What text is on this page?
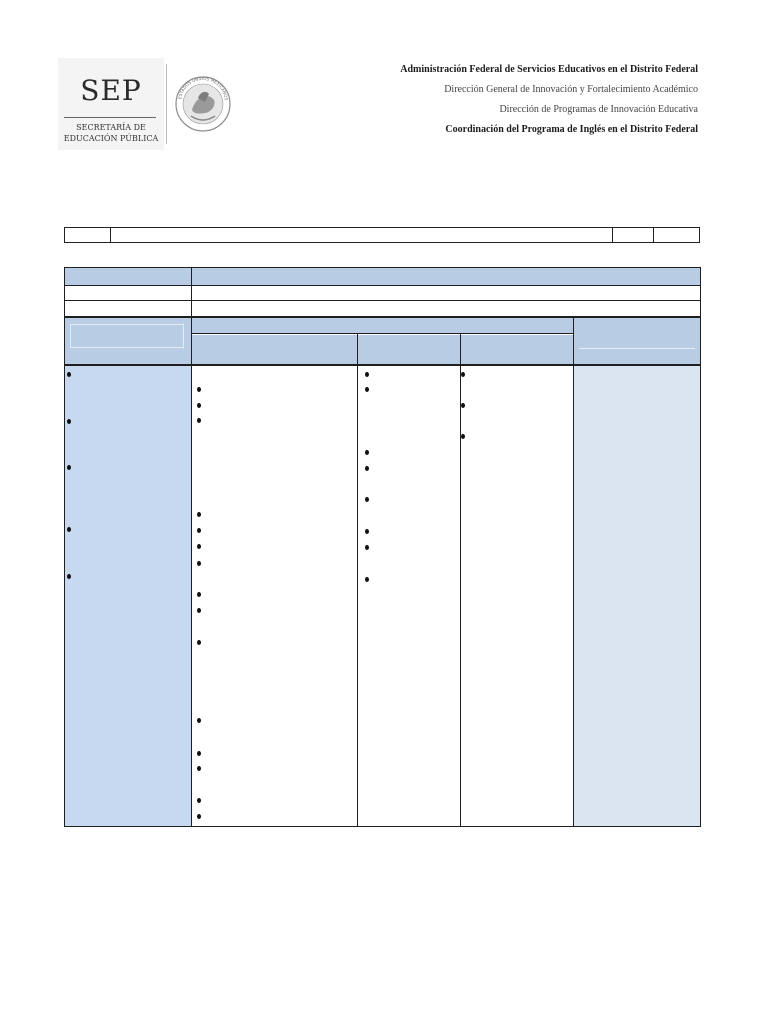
SEP
SECRETARÍA DE
EDUCACIÓN PÚBLICA
ESTADOS UNIDOS MEXICANOS
Administración Federal de Servicios Educativos en el Distrito Federal
Dirección General de Innovación y Fortalecimiento Académico
Dirección de Programas de Innovación Educativa
Coordinación del Programa de Inglés en el Distrito Federal
